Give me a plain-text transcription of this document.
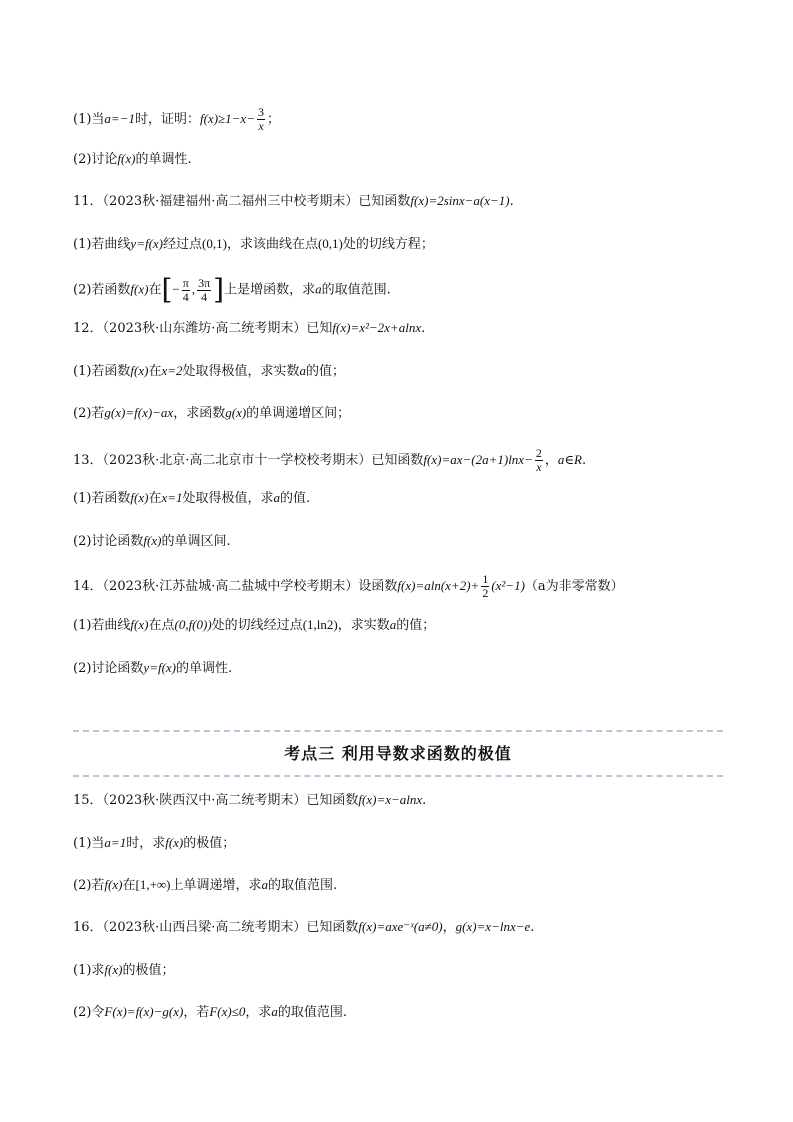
(1)当a=−1时，证明：$f(x)\ge 1-x- \frac{3}{x}$ ；
(2)讨论f(x)的单调性.
11．（2023秋·福建福州·高二福州三中校考期末）已知函数f(x)=2sinx−a(x−1).
(1)若曲线y=f(x)经过点(0,1)，求该曲线在点(0,1)处的切线方程；
(2)若函数f(x)在[− $\frac{\pi}{4}$ , $\frac{3\pi}{4}$ ]上是增函数，求a的取值范围.
12．（2023秋·山东潍坊·高二统考期末）已知f(x)=x²−2x+alnx.
(1)若函数f(x)在x=2处取得极值，求实数a的值；
(2)若g(x)=f(x)−ax，求函数g(x)的单调递增区间；
13．（2023秋·北京·高二北京市十一学校校考期末）已知函数$f(x)=ax-(2a+1)\ln x- \frac{2}{x}$ ，a∈R.
(1)若函数f(x)在x=1处取得极值，求a的值.
(2)讨论函数f(x)的单调区间.
14．（2023秋·江苏盐城·高二盐城中学校考期末）设函数$f(x)=aln(x+2)+ \frac{1}{2} (x^2-1)(a$为非零常数）
(1)若曲线f(x)在点(0,f(0))处的切线经过点(1,ln2)，求实数a的值；
(2)讨论函数y=f(x)的单调性.
考点三 利用导数求函数的极值
15．（2023秋·陕西汉中·高二统考期末）已知函数f(x)=x−alnx.
(1)当a=1时，求f(x)的极值；
(2)若f(x)在[1,+∞)上单调递增，求a的取值范围.
16．（2023秋·山西吕梁·高二统考期末）已知函数f(x)=axe⁻ˣ(a≠0)，g(x)=x−lnx−e.
(1)求f(x)的极值；
(2)令F(x)=f(x)−g(x)，若F(x)≤0，求a的取值范围.
